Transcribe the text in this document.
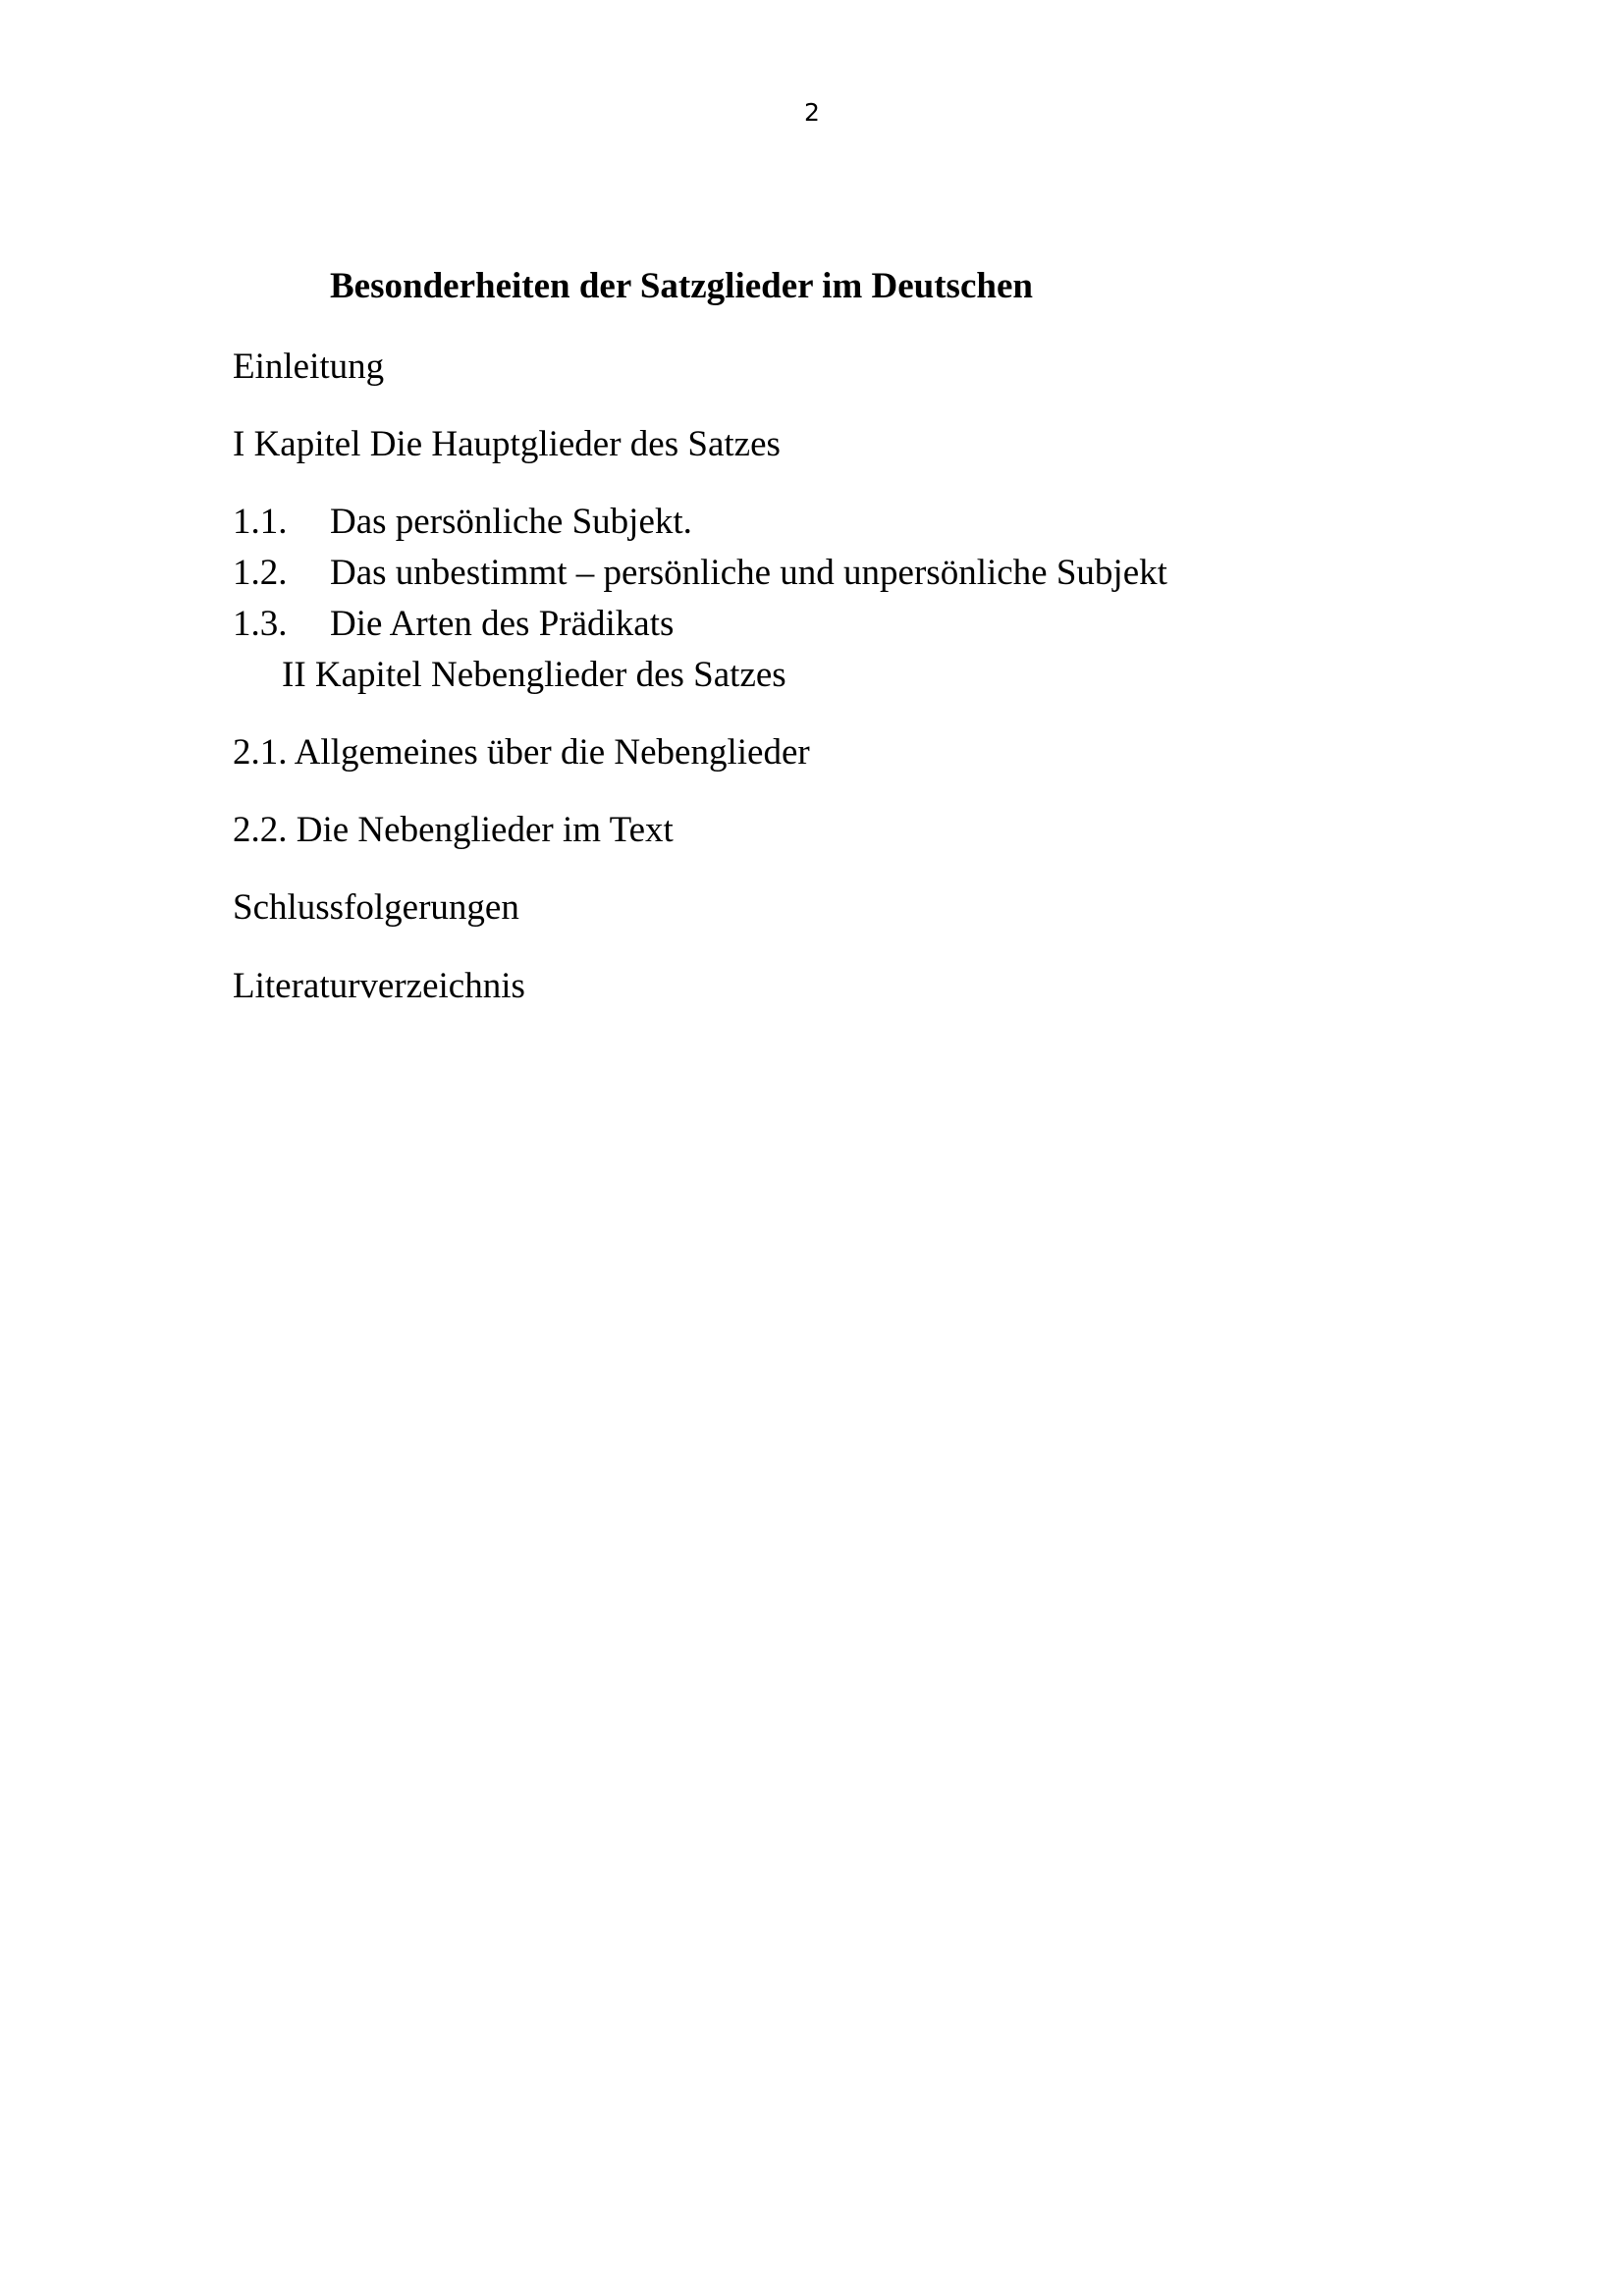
2
Besonderheiten der Satzglieder im Deutschen
Einleitung
I Kapitel Die Hauptglieder des Satzes
1.1. Das persönliche Subjekt.
1.2. Das unbestimmt – persönliche und unpersönliche Subjekt
1.3. Die Arten des Prädikats
II Kapitel Nebenglieder des Satzes
2.1. Allgemeines über die Nebenglieder
2.2. Die Nebenglieder im Text
Schlussfolgerungen
Literaturverzeichnis
